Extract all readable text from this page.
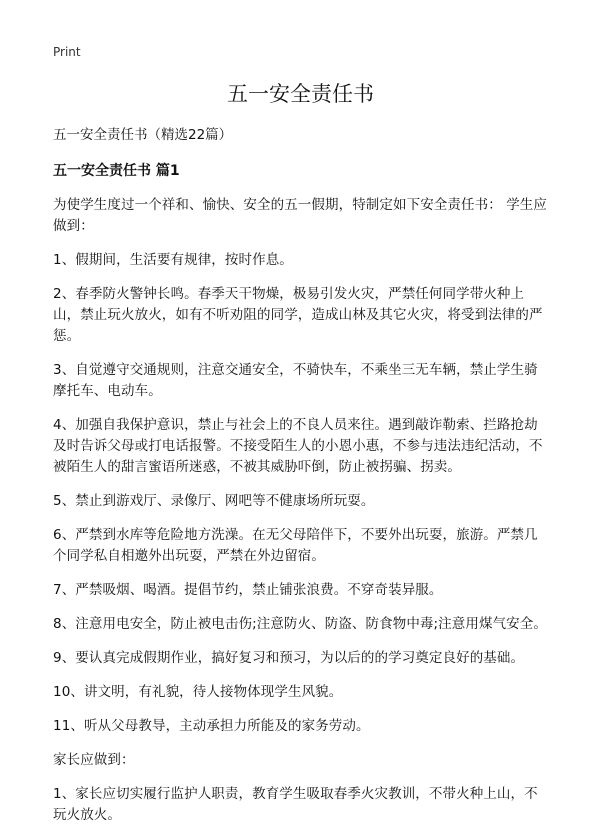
Print
五一安全责任书

五一安全责任书（精选22篇）

五一安全责任书 篇1

为使学生度过一个祥和、愉快、安全的五一假期，特制定如下安全责任书： 学生应做到：

1、假期间，生活要有规律，按时作息。

2、春季防火警钟长鸣。春季天干物燥，极易引发火灾，严禁任何同学带火种上山，禁止玩火放火，如有不听劝阻的同学，造成山林及其它火灾，将受到法律的严惩。

3、自觉遵守交通规则，注意交通安全，不骑快车，不乘坐三无车辆，禁止学生骑摩托车、电动车。

4、加强自我保护意识，禁止与社会上的不良人员来往。遇到敲诈勒索、拦路抢劫及时告诉父母或打电话报警。不接受陌生人的小恩小惠，不参与违法违纪活动，不被陌生人的甜言蜜语所迷惑，不被其威胁吓倒，防止被拐骗、拐卖。

5、禁止到游戏厅、录像厅、网吧等不健康场所玩耍。

6、严禁到水库等危险地方洗澡。在无父母陪伴下，不要外出玩耍，旅游。严禁几个同学私自相邀外出玩耍，严禁在外边留宿。

7、严禁吸烟、喝酒。提倡节约，禁止铺张浪费。不穿奇装异服。

8、注意用电安全，防止被电击伤;注意防火、防盗、防食物中毒;注意用煤气安全。

9、要认真完成假期作业，搞好复习和预习，为以后的的学习奠定良好的基础。

10、讲文明，有礼貌，待人接物体现学生风貌。

11、听从父母教导，主动承担力所能及的家务劳动。

家长应做到：

1、家长应切实履行监护人职责，教育学生吸取春季火灾教训，不带火种上山，不玩火放火。
